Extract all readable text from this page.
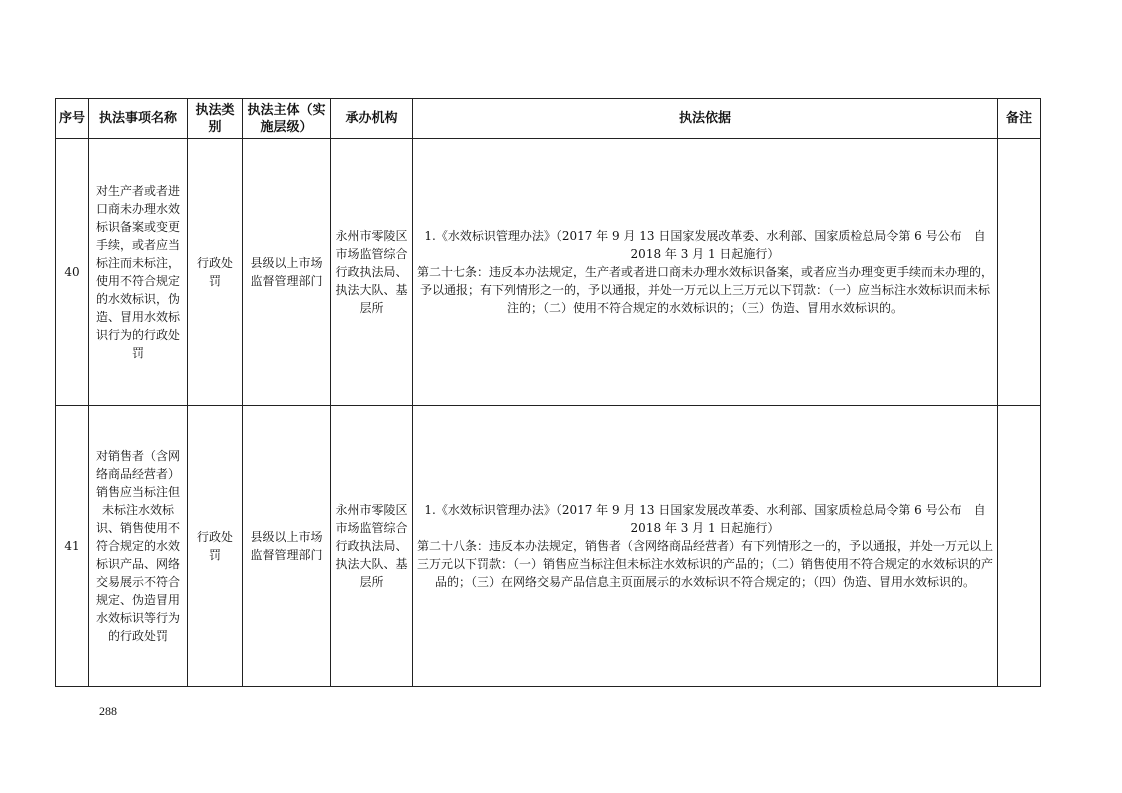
序号	执法事项名称	执法类别	执法主体（实施层级）	承办机构	执法依据	备注
40	对生产者或者进口商未办理水效标识备案或变更手续，或者应当标注而未标注，使用不符合规定的水效标识，伪造、冒用水效标识行为的行政处罚	行政处罚	县级以上市场监督管理部门	永州市零陵区市场监管综合行政执法局、执法大队、基层所	1.《水效标识管理办法》（2017 年 9 月 13 日国家发展改革委、水利部、国家质检总局令第 6 号公布　自 2018 年 3 月 1 日起施行）

第二十七条：违反本办法规定，生产者或者进口商未办理水效标识备案，或者应当办理变更手续而未办理的，予以通报；有下列情形之一的，予以通报，并处一万元以上三万元以下罚款：（一）应当标注水效标识而未标注的；（二）使用不符合规定的水效标识的；（三）伪造、冒用水效标识的。	

41	对销售者（含网络商品经营者）销售应当标注但未标注水效标识、销售使用不符合规定的水效标识产品、网络交易展示不符合规定、伪造冒用水效标识等行为的行政处罚	行政处罚	县级以上市场监督管理部门	永州市零陵区市场监管综合行政执法局、执法大队、基层所	1.《水效标识管理办法》（2017 年 9 月 13 日国家发展改革委、水利部、国家质检总局令第 6 号公布　自 2018 年 3 月 1 日起施行）

第二十八条：违反本办法规定，销售者（含网络商品经营者）有下列情形之一的，予以通报，并处一万元以上三万元以下罚款：（一）销售应当标注但未标注水效标识的产品的；（二）销售使用不符合规定的水效标识的产品的；（三）在网络交易产品信息主页面展示的水效标识不符合规定的；（四）伪造、冒用水效标识的。	

288
